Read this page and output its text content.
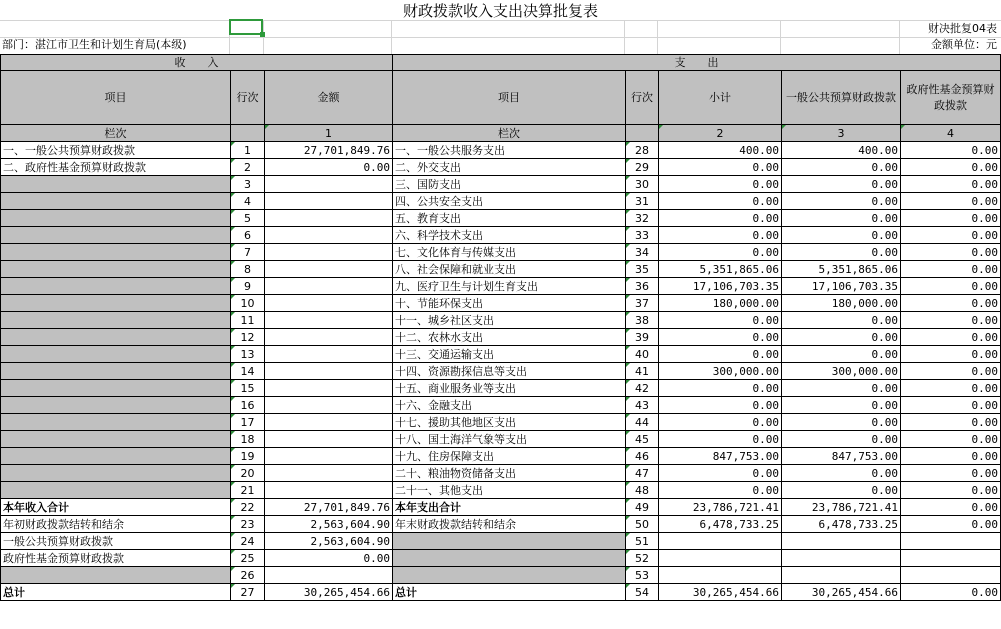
财政拨款收入支出决算批复表
财决批复04表
部门：湛江市卫生和计划生育局(本级)	金额单位：元
收　　入			支　　出				
项目	行次	金额	项目	行次	小计	一般公共预算财政拨款	政府性基金预算财政拨款
栏次		1	栏次		2	3	4
一、一般公共预算财政拨款	1	27,701,849.76	一、一般公共服务支出	28	400.00	400.00	0.00
二、政府性基金预算财政拨款	2	0.00	二、外交支出	29	0.00	0.00	0.00
	3		三、国防支出	30	0.00	0.00	0.00
	4		四、公共安全支出	31	0.00	0.00	0.00
	5		五、教育支出	32	0.00	0.00	0.00
	6		六、科学技术支出	33	0.00	0.00	0.00
	7		七、文化体育与传媒支出	34	0.00	0.00	0.00
	8		八、社会保障和就业支出	35	5,351,865.06	5,351,865.06	0.00
	9		九、医疗卫生与计划生育支出	36	17,106,703.35	17,106,703.35	0.00
	10		十、节能环保支出	37	180,000.00	180,000.00	0.00
	11		十一、城乡社区支出	38	0.00	0.00	0.00
	12		十二、农林水支出	39	0.00	0.00	0.00
	13		十三、交通运输支出	40	0.00	0.00	0.00
	14		十四、资源勘探信息等支出	41	300,000.00	300,000.00	0.00
	15		十五、商业服务业等支出	42	0.00	0.00	0.00
	16		十六、金融支出	43	0.00	0.00	0.00
	17		十七、援助其他地区支出	44	0.00	0.00	0.00
	18		十八、国土海洋气象等支出	45	0.00	0.00	0.00
	19		十九、住房保障支出	46	847,753.00	847,753.00	0.00
	20		二十、粮油物资储备支出	47	0.00	0.00	0.00
	21		二十一、其他支出	48	0.00	0.00	0.00
本年收入合计	22	27,701,849.76	本年支出合计	49	23,786,721.41	23,786,721.41	0.00
年初财政拨款结转和结余	23	2,563,604.90	年末财政拨款结转和结余	50	6,478,733.25	6,478,733.25	0.00
一般公共预算财政拨款	24	2,563,604.90		51			
政府性基金预算财政拨款	25	0.00		52			
	26			53			
总计	27	30,265,454.66	总计	54	30,265,454.66	30,265,454.66	0.00
